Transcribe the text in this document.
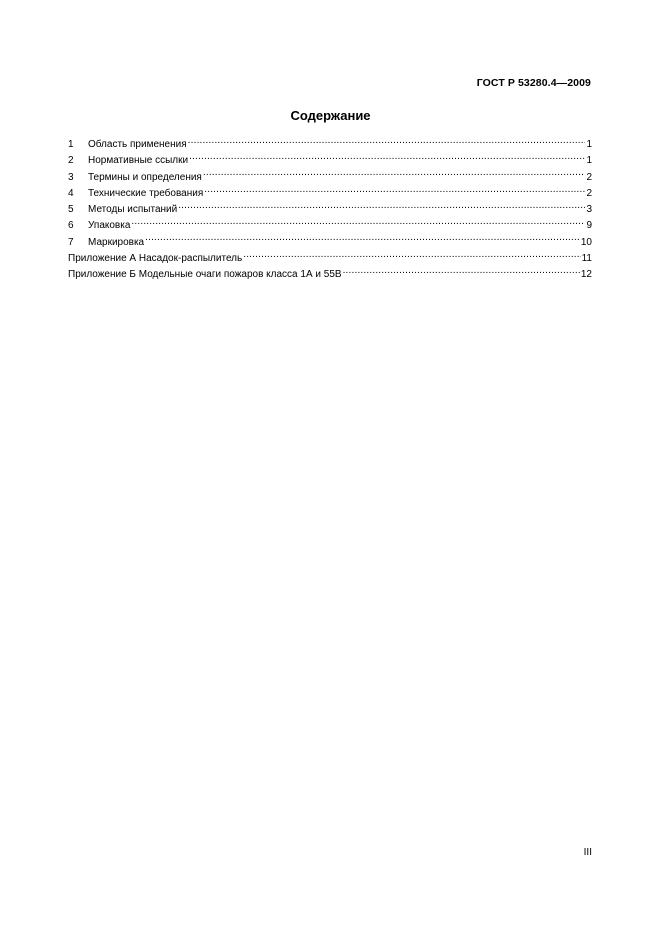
ГОСТ Р 53280.4—2009
Содержание
1	Область применения .....	1
2	Нормативные ссылки .....	1
3	Термины и определения .....	2
4	Технические требования .....	2
5	Методы испытаний .....	3
6	Упаковка .....	9
7	Маркировка .....	10
Приложение А Насадок-распылитель .....	11
Приложение Б Модельные очаги пожаров класса 1А и 55В .....	12
III
